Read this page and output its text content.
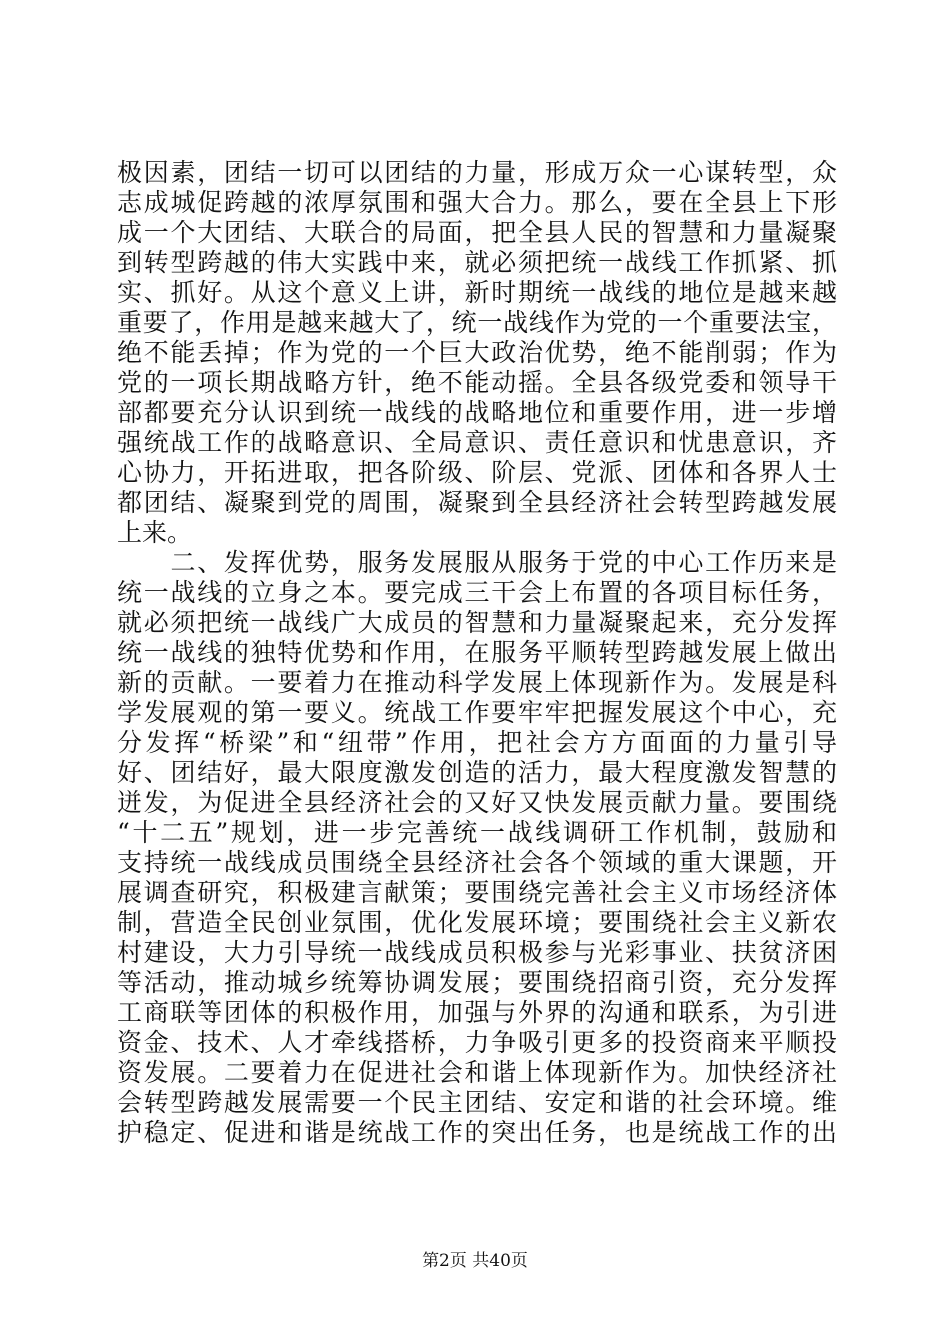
极因素，团结一切可以团结的力量，形成万众一心谋转型，众
志成城促跨越的浓厚氛围和强大合力。那么，要在全县上下形
成一个大团结、大联合的局面，把全县人民的智慧和力量凝聚
到转型跨越的伟大实践中来，就必须把统一战线工作抓紧、抓
实、抓好。从这个意义上讲，新时期统一战线的地位是越来越
重要了，作用是越来越大了，统一战线作为党的一个重要法宝，
绝不能丢掉；作为党的一个巨大政治优势，绝不能削弱；作为
党的一项长期战略方针，绝不能动摇。全县各级党委和领导干
部都要充分认识到统一战线的战略地位和重要作用，进一步增
强统战工作的战略意识、全局意识、责任意识和忧患意识，齐
心协力，开拓进取，把各阶级、阶层、党派、团体和各界人士
都团结、凝聚到党的周围，凝聚到全县经济社会转型跨越发展
上来。
　　二、发挥优势，服务发展服从服务于党的中心工作历来是
统一战线的立身之本。要完成三干会上布置的各项目标任务，
就必须把统一战线广大成员的智慧和力量凝聚起来，充分发挥
统一战线的独特优势和作用，在服务平顺转型跨越发展上做出
新的贡献。一要着力在推动科学发展上体现新作为。发展是科
学发展观的第一要义。统战工作要牢牢把握发展这个中心，充
分发挥“桥梁”和“纽带”作用，把社会方方面面的力量引导
好、团结好，最大限度激发创造的活力，最大程度激发智慧的
迸发，为促进全县经济社会的又好又快发展贡献力量。要围绕
“十二五”规划，进一步完善统一战线调研工作机制，鼓励和
支持统一战线成员围绕全县经济社会各个领域的重大课题，开
展调查研究，积极建言献策；要围绕完善社会主义市场经济体
制，营造全民创业氛围，优化发展环境；要围绕社会主义新农
村建设，大力引导统一战线成员积极参与光彩事业、扶贫济困
等活动，推动城乡统筹协调发展；要围绕招商引资，充分发挥
工商联等团体的积极作用，加强与外界的沟通和联系，为引进
资金、技术、人才牵线搭桥，力争吸引更多的投资商来平顺投
资发展。二要着力在促进社会和谐上体现新作为。加快经济社
会转型跨越发展需要一个民主团结、安定和谐的社会环境。维
护稳定、促进和谐是统战工作的突出任务，也是统战工作的出
第2页 共40页
